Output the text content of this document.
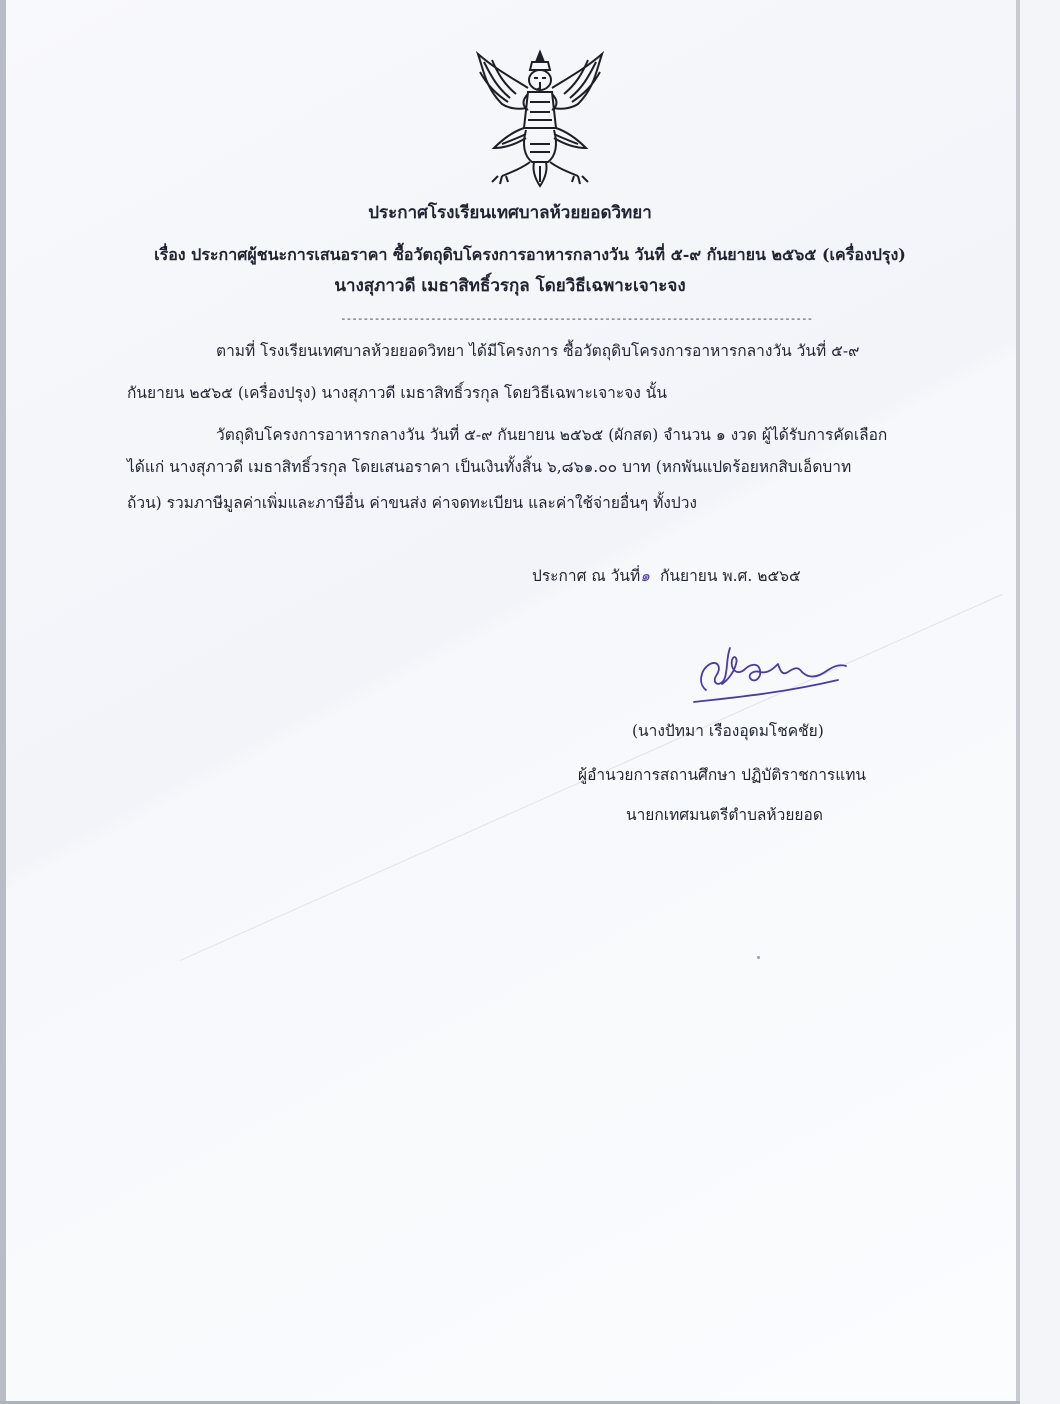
ประกาศโรงเรียนเทศบาลห้วยยอดวิทยา
เรื่อง ประกาศผู้ชนะการเสนอราคา ซื้อวัตถุดิบโครงการอาหารกลางวัน วันที่ ๕-๙ กันยายน ๒๕๖๕ (เครื่องปรุง)
นางสุภาวดี เมธาสิทธิ์วรกุล โดยวิธีเฉพาะเจาะจง
------------------------------------------------------------------------------------
ตามที่ โรงเรียนเทศบาลห้วยยอดวิทยา ได้มีโครงการ ซื้อวัตถุดิบโครงการอาหารกลางวัน วันที่ ๕-๙
กันยายน ๒๕๖๕ (เครื่องปรุง) นางสุภาวดี เมธาสิทธิ์วรกุล โดยวิธีเฉพาะเจาะจง นั้น
วัตถุดิบโครงการอาหารกลางวัน วันที่ ๕-๙ กันยายน ๒๕๖๕ (ผักสด) จำนวน ๑ งวด ผู้ได้รับการคัดเลือก
ได้แก่ นางสุภาวดี เมธาสิทธิ์วรกุล โดยเสนอราคา เป็นเงินทั้งสิ้น ๖,๘๖๑.๐๐ บาท (หกพันแปดร้อยหกสิบเอ็ดบาท
ถ้วน) รวมภาษีมูลค่าเพิ่มและภาษีอื่น ค่าขนส่ง ค่าจดทะเบียน และค่าใช้จ่ายอื่นๆ ทั้งปวง
ประกาศ ณ วันที่๑ กันยายน พ.ศ. ๒๕๖๕
(นางปัทมา เรืองอุดมโชคชัย)
ผู้อำนวยการสถานศึกษา ปฏิบัติราชการแทน
นายกเทศมนตรีตำบลห้วยยอด
